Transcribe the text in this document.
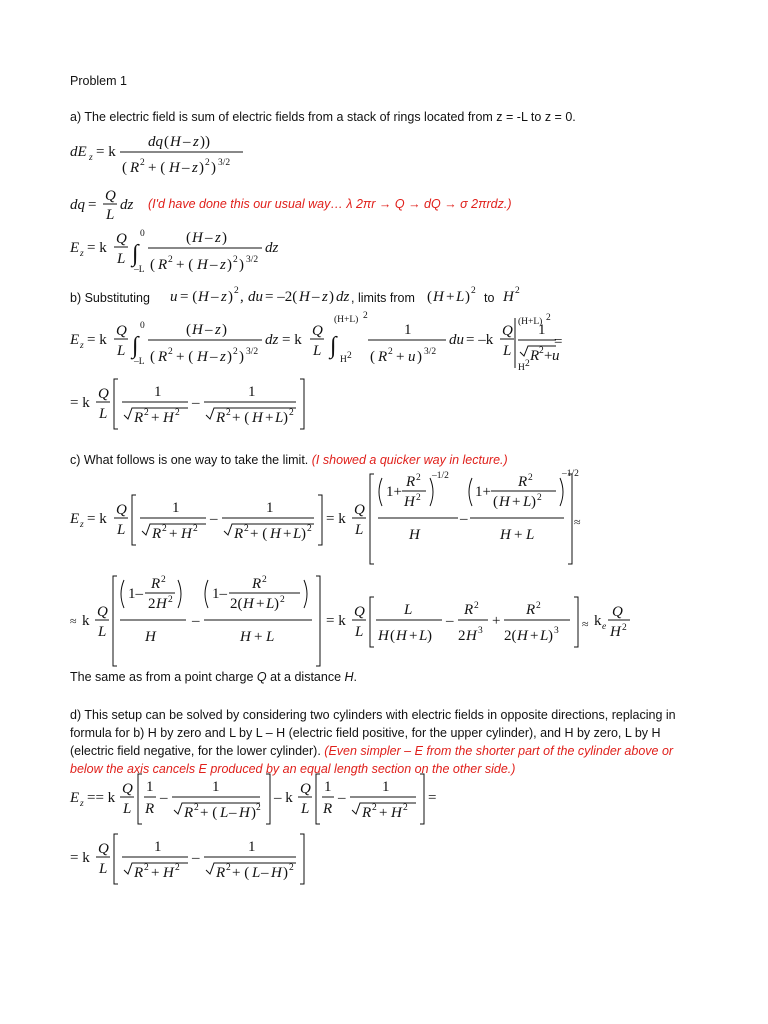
Problem 1
a) The electric field is sum of electric fields from a stack of rings located from z = -L to z = 0.
dE z = k
dq ( H – z ))
( R 2 + ( H – z ) 2 ) 3/2
dq =
Q
L
dz (I'd have done this our usual way… λ 2πr → Q → dQ → σ 2πrdz.)
E z = k
Q
L ∫
0
–L
( H – z )
( R 2 + ( H – z ) 2 ) 3/2
dz
b) Substituting u = ( H – z ) 2 , du = –2( H – z ) dz , limits from ( H + L ) 2 to H 2
E z = k
Q
L ∫
0
–L
( H – z )
( R 2 + ( H – z ) 2 ) 3/2
dz = k
Q
L ∫
(H+L) 2
H 2
1
( R 2 + u ) 3/2
du = –k
Q
L
1
R 2 + u
(H+L) 2
H 2
=
= k
Q
L
1
R 2 + H 2
–
1
R 2 + ( H + L ) 2
c) What follows is one way to take the limit. (I showed a quicker way in lecture.)
E z = k
Q
L
1
R 2 + H 2
–
1
R 2 + ( H + L ) 2
= k
Q
L
1+
R 2
H 2
–1/2
H
–
1+
R 2
( H + L ) 2
–1/2
H + L
≈
≈ k
Q
L
1–
R 2
2 H 2
H
–
1–
R 2
2( H + L ) 2
H + L
= k
Q
L
L
H ( H + L )
–
R 2
2 H 3
+
R 2
2( H + L ) 3 ≈ k e
Q
H 2
The same as from a point charge Q at a distance H.
d) This setup can be solved by considering two cylinders with electric fields in opposite directions, replacing in formula for b) H by zero and L by L – H (electric field positive, for the upper cylinder), and H by zero, L by H (electric field negative, for the lower cylinder). (Even simpler – E from the shorter part of the cylinder above or below the axis cancels E produced by an equal length section on the other side.)
E z == k
Q
L
1
R
–
1
R 2 + ( L – H ) 2
– k
Q
L
1
R
–
1
R 2 + H 2
=
= k
Q
L
1
R 2 + H 2
–
1
R 2 + ( L – H ) 2
